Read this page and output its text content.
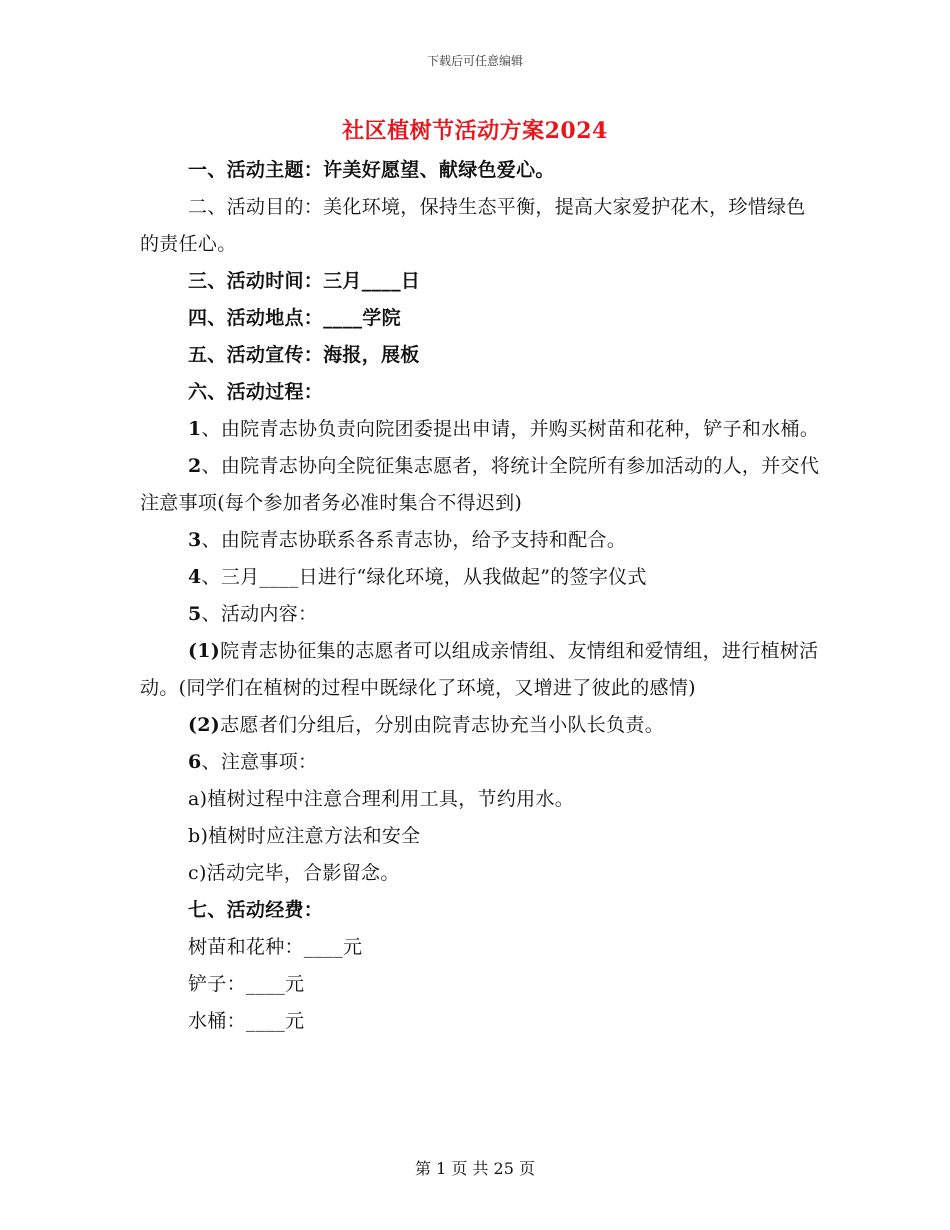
下载后可任意编辑
社区植树节活动方案2024

一、活动主题：许美好愿望、献绿色爱心。

二、活动目的：美化环境，保持生态平衡，提高大家爱护花木，珍惜绿色的责任心。

三、活动时间：三月____日

四、活动地点：____学院

五、活动宣传：海报，展板

六、活动过程：

1、由院青志协负责向院团委提出申请，并购买树苗和花种，铲子和水桶。

2、由院青志协向全院征集志愿者，将统计全院所有参加活动的人，并交代注意事项(每个参加者务必准时集合不得迟到)

3、由院青志协联系各系青志协，给予支持和配合。

4、三月____日进行“绿化环境，从我做起”的签字仪式

5、活动内容：

(1)院青志协征集的志愿者可以组成亲情组、友情组和爱情组，进行植树活动。(同学们在植树的过程中既绿化了环境，又增进了彼此的感情)

(2)志愿者们分组后，分别由院青志协充当小队长负责。

6、注意事项：

a)植树过程中注意合理利用工具，节约用水。

b)植树时应注意方法和安全

c)活动完毕，合影留念。

七、活动经费：

树苗和花种：____元

铲子：____元

水桶：____元

第 1 页 共 25 页
